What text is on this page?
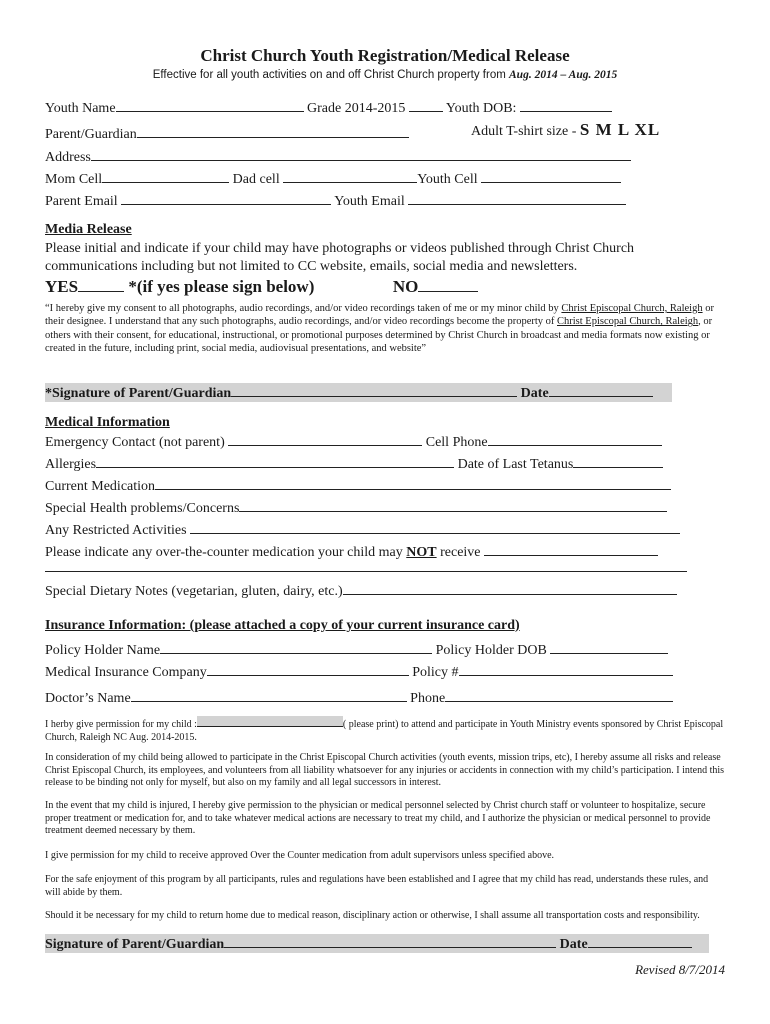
Christ Church Youth Registration/Medical Release
Effective for all youth activities on and off Christ Church property from Aug. 2014 – Aug. 2015
Youth Name	Grade 2014-2015	Youth DOB:
Parent/Guardian	Adult T-shirt size - S M L XL
Address
Mom Cell	Dad cell	Youth Cell
Parent Email	Youth Email
Media Release
Please initial and indicate if your child may have photographs or videos published through Christ Church communications including but not limited to CC website, emails, social media and newsletters.
YES	*(if yes please sign below)	NO
“I hereby give my consent to all photographs, audio recordings, and/or video recordings taken of me or my minor child by Christ Episcopal Church, Raleigh or their designee. I understand that any such photographs, audio recordings, and/or video recordings become the property of Christ Episcopal Church, Raleigh, or others with their consent, for educational, instructional, or promotional purposes determined by Christ Church in broadcast and media formats now existing or created in the future, including print, social media, audiovisual presentations, and website”
*Signature of Parent/Guardian	Date
Medical Information
Emergency Contact (not parent)	Cell Phone
Allergies	Date of Last Tetanus
Current Medication
Special Health problems/Concerns
Any Restricted Activities
Please indicate any over-the-counter medication your child may NOT receive
Special Dietary Notes (vegetarian, gluten, dairy, etc.)
Insurance Information: (please attached a copy of your current insurance card)
Policy Holder Name	Policy Holder DOB
Medical Insurance Company	Policy #
Doctor’s Name	Phone
I herby give permission for my child :	( please print) to attend and participate in Youth Ministry events sponsored by Christ Episcopal Church, Raleigh NC Aug. 2014-2015.
In consideration of my child being allowed to participate in the Christ Episcopal Church activities (youth events, mission trips, etc), I hereby assume all risks and release Christ Episcopal Church, its employees, and volunteers from all liability whatsoever for any injuries or accidents in connection with my child’s participation. I intend this release to be binding not only for myself, but also on my family and all legal successors in interest.
In the event that my child is injured, I hereby give permission to the physician or medical personnel selected by Christ church staff or volunteer to hospitalize, secure proper treatment or medication for, and to take whatever medical actions are necessary to treat my child, and I authorize the physician or medical personnel to provide treatment deemed necessary by them.
I give permission for my child to receive approved Over the Counter medication from adult supervisors unless specified above.
For the safe enjoyment of this program by all participants, rules and regulations have been established and I agree that my child has read, understands these rules, and will abide by them.
Should it be necessary for my child to return home due to medical reason, disciplinary action or otherwise, I shall assume all transportation costs and responsibility.
Signature of Parent/Guardian	Date
Revised 8/7/2014
